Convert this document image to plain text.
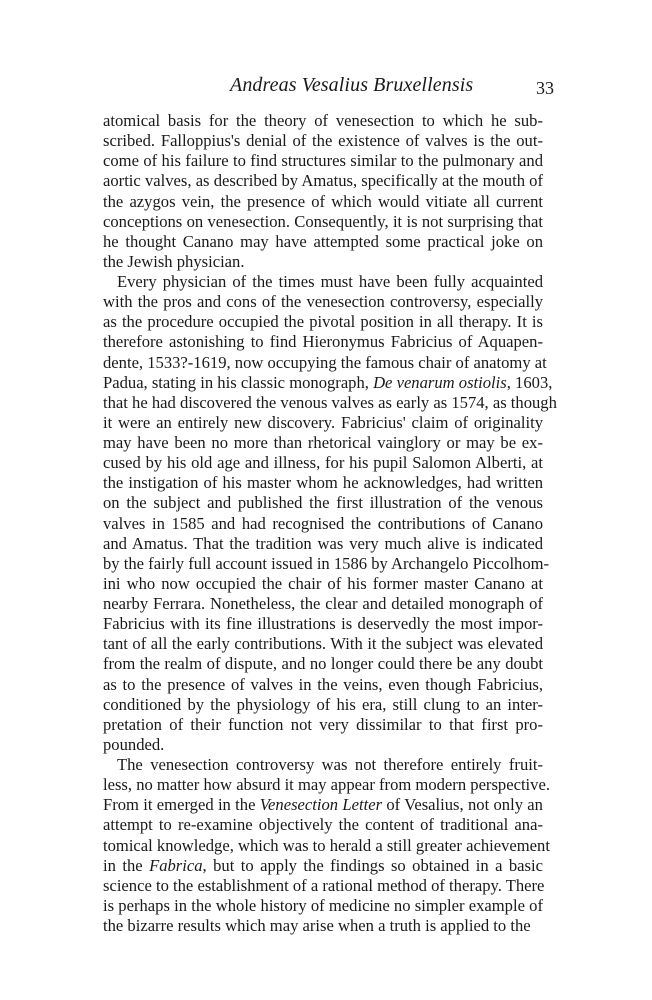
Andreas Vesalius Bruxellensis	33
atomical basis for the theory of venesection to which he sub-
scribed. Falloppius's denial of the existence of valves is the out-
come of his failure to find structures similar to the pulmonary and
aortic valves, as described by Amatus, specifically at the mouth of
the azygos vein, the presence of which would vitiate all current
conceptions on venesection. Consequently, it is not surprising that
he thought Canano may have attempted some practical joke on
the Jewish physician.
Every physician of the times must have been fully acquainted
with the pros and cons of the venesection controversy, especially
as the procedure occupied the pivotal position in all therapy. It is
therefore astonishing to find Hieronymus Fabricius of Aquapen-
dente, 1533?-1619, now occupying the famous chair of anatomy at
Padua, stating in his classic monograph, De venarum ostiolis, 1603,
that he had discovered the venous valves as early as 1574, as though
it were an entirely new discovery. Fabricius' claim of originality
may have been no more than rhetorical vainglory or may be ex-
cused by his old age and illness, for his pupil Salomon Alberti, at
the instigation of his master whom he acknowledges, had written
on the subject and published the first illustration of the venous
valves in 1585 and had recognised the contributions of Canano
and Amatus. That the tradition was very much alive is indicated
by the fairly full account issued in 1586 by Archangelo Piccolhom-
ini who now occupied the chair of his former master Canano at
nearby Ferrara. Nonetheless, the clear and detailed monograph of
Fabricius with its fine illustrations is deservedly the most impor-
tant of all the early contributions. With it the subject was elevated
from the realm of dispute, and no longer could there be any doubt
as to the presence of valves in the veins, even though Fabricius,
conditioned by the physiology of his era, still clung to an inter-
pretation of their function not very dissimilar to that first pro-
pounded.
The venesection controversy was not therefore entirely fruit-
less, no matter how absurd it may appear from modern perspective.
From it emerged in the Venesection Letter of Vesalius, not only an
attempt to re-examine objectively the content of traditional ana-
tomical knowledge, which was to herald a still greater achievement
in the Fabrica, but to apply the findings so obtained in a basic
science to the establishment of a rational method of therapy. There
is perhaps in the whole history of medicine no simpler example of
the bizarre results which may arise when a truth is applied to the
